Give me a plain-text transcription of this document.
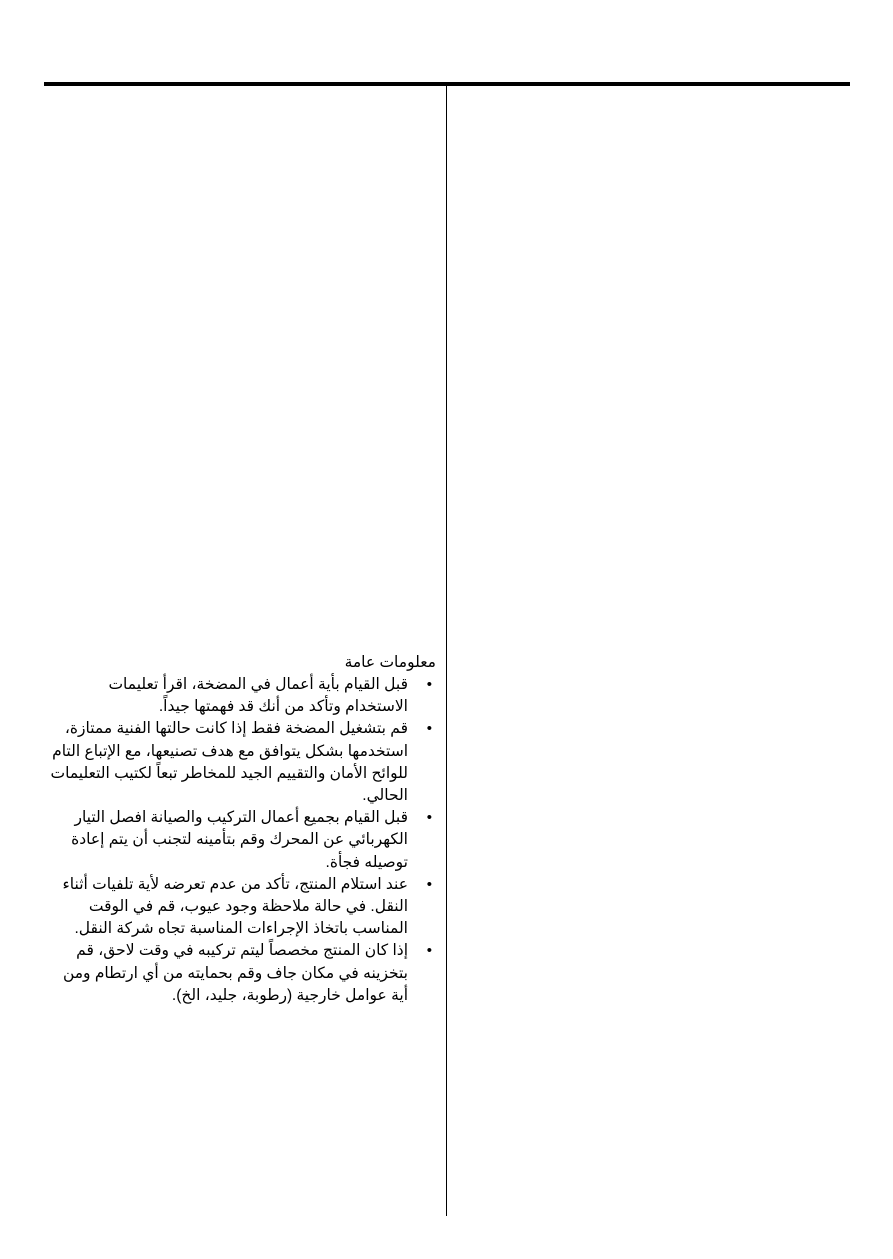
معلومات عامة
•
قبل القيام بأية أعمال في المضخة، اقرأ تعليمات الاستخدام وتأكد من أنك قد فهمتها جيداً.
•
قم بتشغيل المضخة فقط إذا كانت حالتها الفنية ممتازة، استخدمها بشكل يتوافق مع هدف تصنيعها، مع الإتباع التام للوائح الأمان والتقييم الجيد للمخاطر تبعاً لكتيب التعليمات الحالي.
•
قبل القيام بجميع أعمال التركيب والصيانة افصل التيار الكهربائي عن المحرك وقم بتأمينه لتجنب أن يتم إعادة توصيله فجأة.
•
عند استلام المنتج، تأكد من عدم تعرضه لأية تلفيات أثناء النقل. في حالة ملاحظة وجود عيوب، قم في الوقت المناسب باتخاذ الإجراءات المناسبة تجاه شركة النقل.
•
إذا كان المنتج مخصصاً ليتم تركيبه في وقت لاحق، قم بتخزينه في مكان جاف وقم بحمايته من أي ارتطام ومن أية عوامل خارجية (رطوبة، جليد، الخ).
